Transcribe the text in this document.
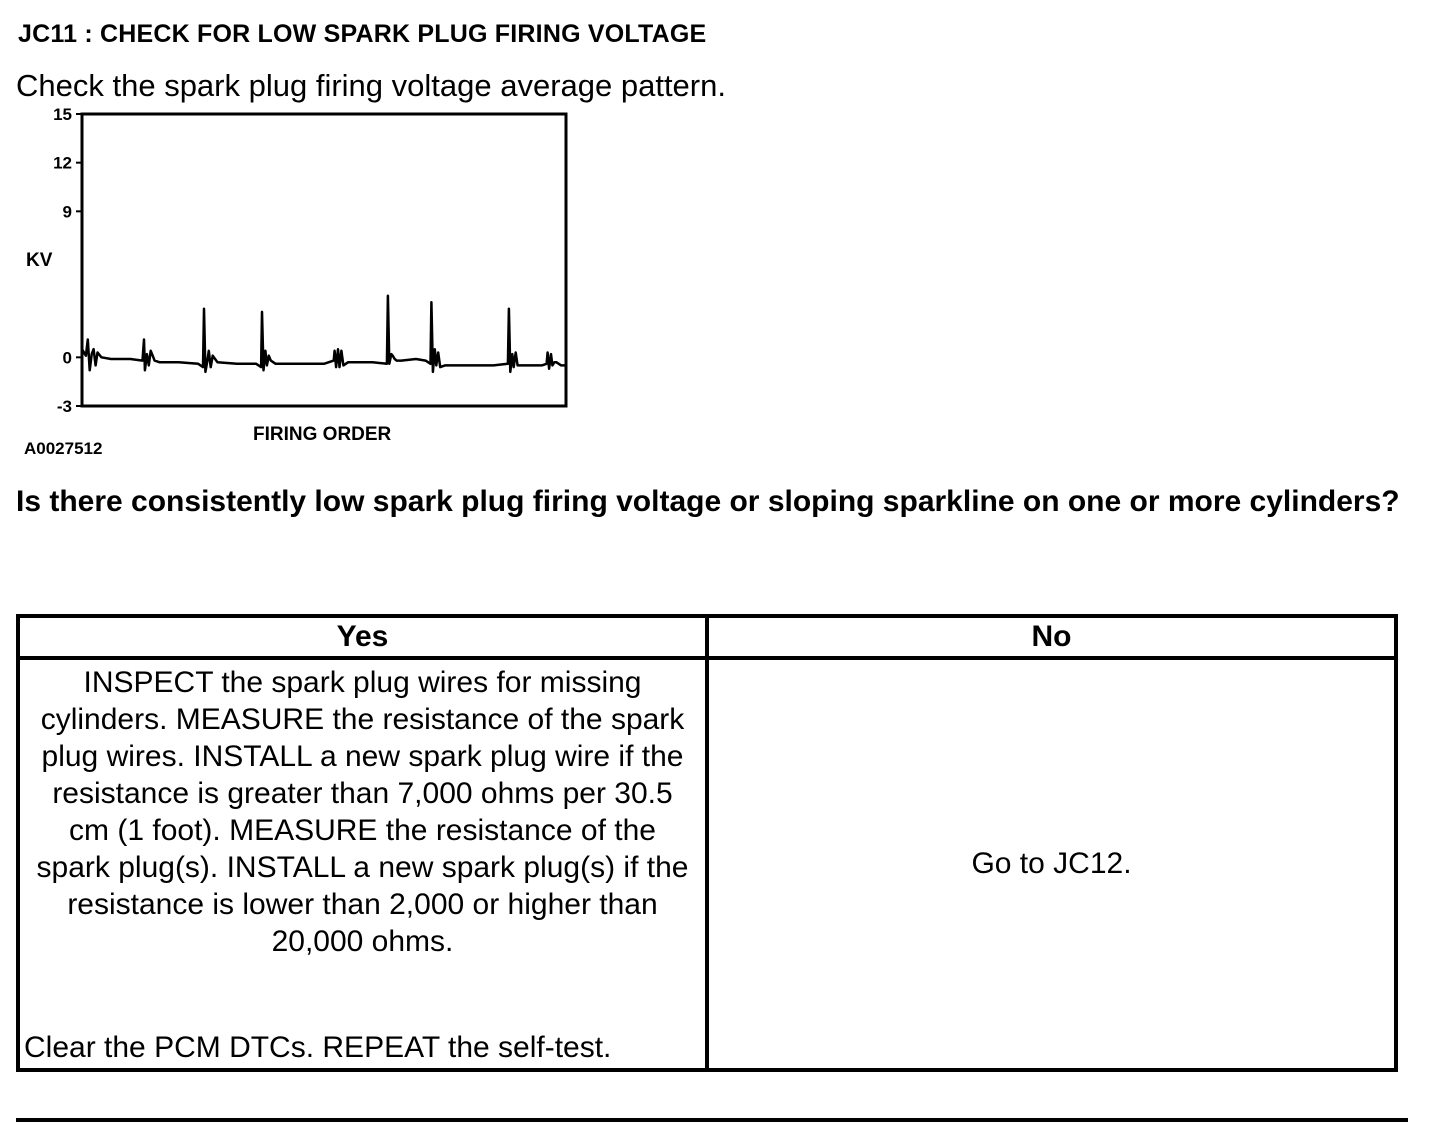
JC11 : CHECK FOR LOW SPARK PLUG FIRING VOLTAGE
Check the spark plug firing voltage average pattern.
15
12
9
0
-3
KV
FIRING ORDER
A0027512
Is there consistently low spark plug firing voltage or sloping sparkline on one or more cylinders?
Yes	No

INSPECT the spark plug wires for missing cylinders. MEASURE the resistance of the spark plug wires. INSTALL a new spark plug wire if the resistance is greater than 7,000 ohms per 30.5 cm (1 foot). MEASURE the resistance of the spark plug(s). INSTALL a new spark plug(s) if the resistance is lower than 2,000 or higher than 20,000 ohms.
Clear the PCM DTCs. REPEAT the self-test.	Go to JC12.
